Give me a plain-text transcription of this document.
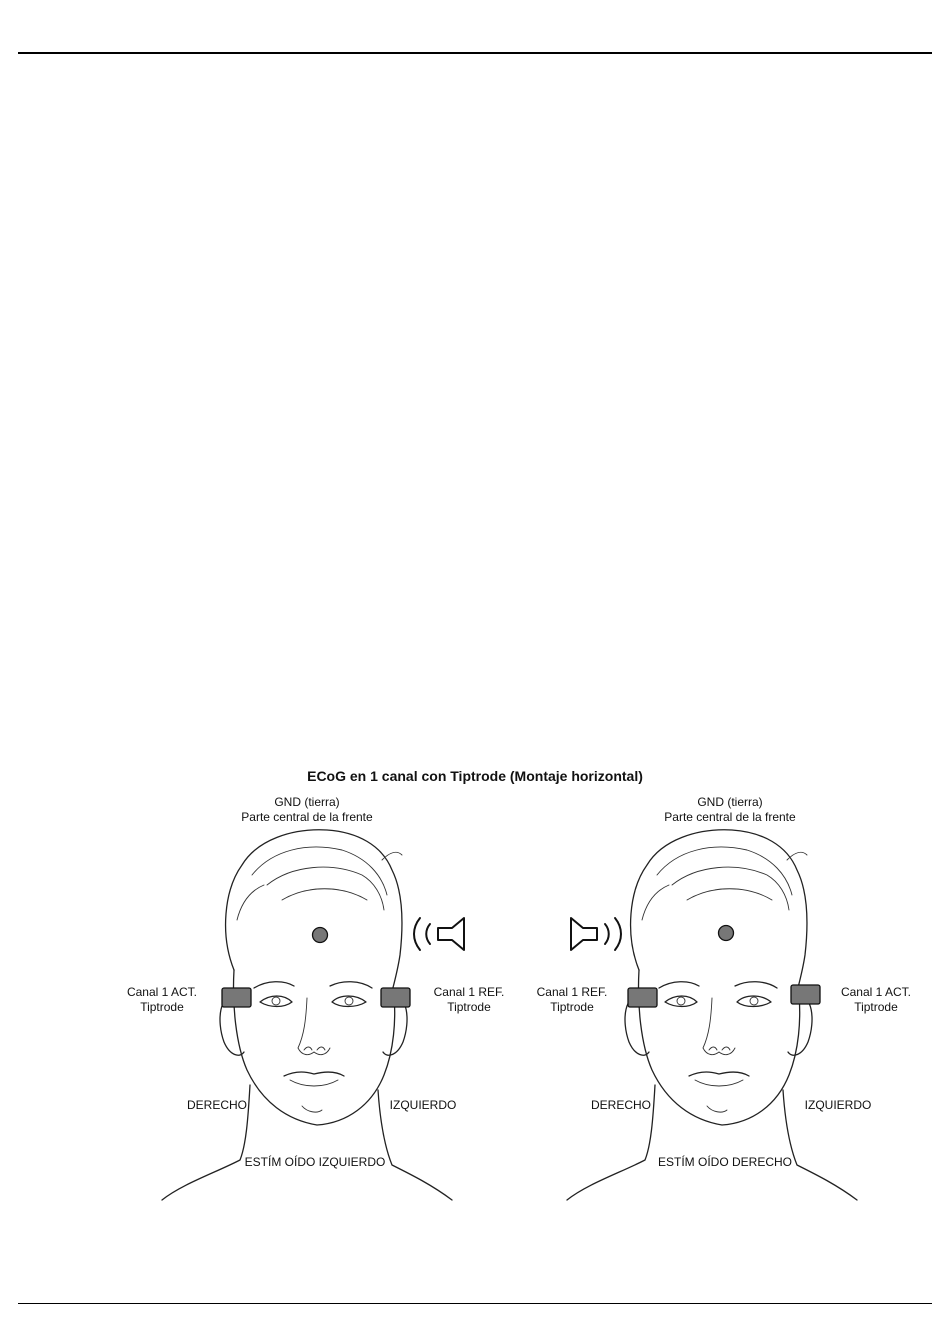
ECoG en 1 canal con Tiptrode (Montaje horizontal)
GND (tierra)
Parte central de la frente
Canal 1 ACT.
Tiptrode
Canal 1 REF.
Tiptrode
DERECHO	IZQUIERDO
ESTÍM OÍDO IZQUIERDO
GND (tierra)
Parte central de la frente
Canal 1 REF.
Tiptrode
Canal 1 ACT.
Tiptrode
DERECHO	IZQUIERDO
ESTÍM OÍDO DERECHO
